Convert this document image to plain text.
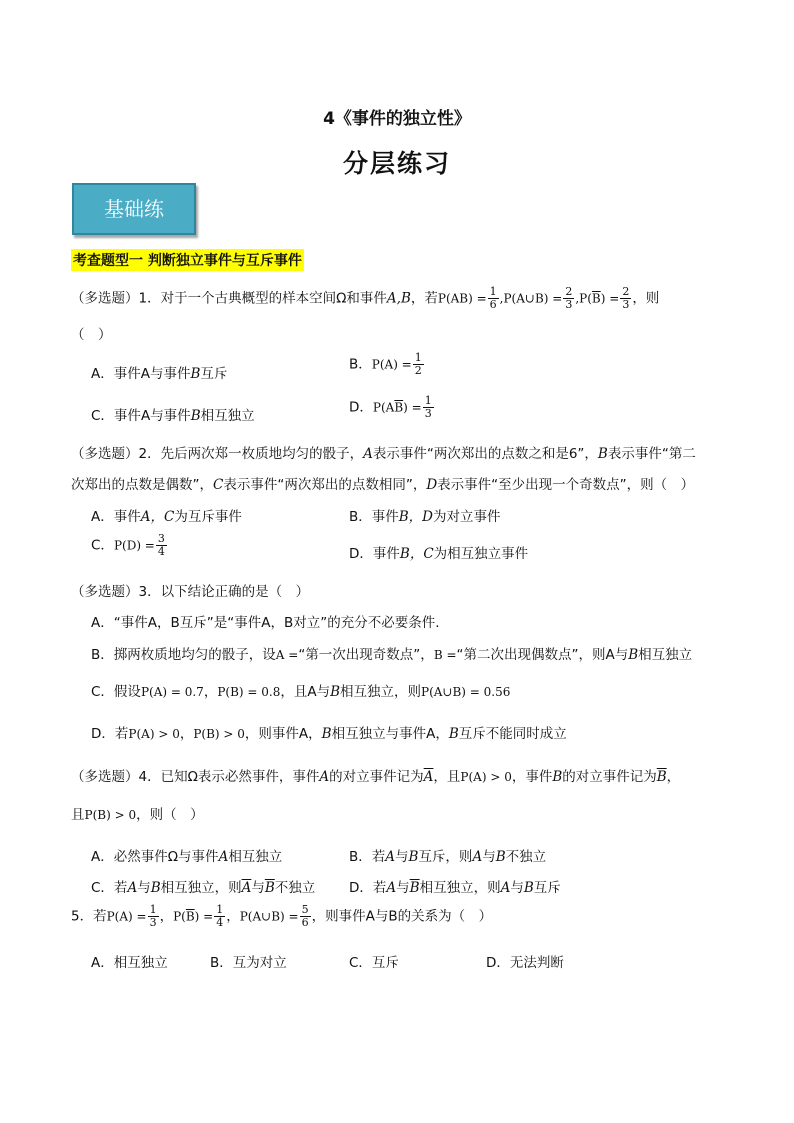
4《事件的独立性》
分层练习
基础练
考查题型一 判断独立事件与互斥事件
（多选题）1．对于一个古典概型的样本空间Ω和事件A,B，若$P(AB) = \frac{1}{6}$ ,P(A∪B) = $\frac{2}{3} ,P(\overline{B}) = \frac{2}{3}$ ，则
（　）
A．事件A与事件B互斥
B．$P(A) = \frac{1}{2}$
C．事件A与事件B相互独立
D．$P(A\overline{B}) = \frac{1}{3}$
（多选题）2．先后两次郑一枚质地均匀的骰子，A表示事件“两次郑出的点数之和是6”，B表示事件“第二
次郑出的点数是偶数”，C表示事件“两次郑出的点数相同”，D表示事件“至少出现一个奇数点”，则（　）
A．事件A，C为互斥事件	B．事件B，D为对立事件
C．$P(D) = \frac{3}{4}$	D．事件B，C为相互独立事件
（多选题）3．以下结论正确的是（　）
A．“事件A，B互斥”是“事件A，B对立”的充分不必要条件.
B．掷两枚质地均匀的骰子，设A =“第一次出现奇数点”，B =“第二次出现偶数点”，则A与B相互独立
C．假设P(A) = 0.7，P(B) = 0.8，且A与B相互独立，则P(A∪B) = 0.56
D．若P(A) > 0，P(B) > 0，则事件A，B相互独立与事件A，B互斥不能同时成立
（多选题）4．已知Ω表示必然事件，事件A的对立事件记为$\overline{A}$，且P(A) > 0，事件B的对立事件记为$\overline{B}$，
且P(B) > 0，则（　）
A．必然事件Ω与事件A相互独立	B．若A与B互斥，则A与B不独立
C．若A与B相互独立，则$\overline{A}$与$\overline{B}$不独立 D．若A与$\overline{B}$相互独立，则A与B互斥
5．若$P(A) = \frac{1}{3}$ ，$P(\overline{B}) = \frac{1}{4}$ ，P(A∪B) = $\frac{5}{6}$ ，则事件A与B的关系为（　）
A．相互独立	B．互为对立	C．互斥	D．无法判断
